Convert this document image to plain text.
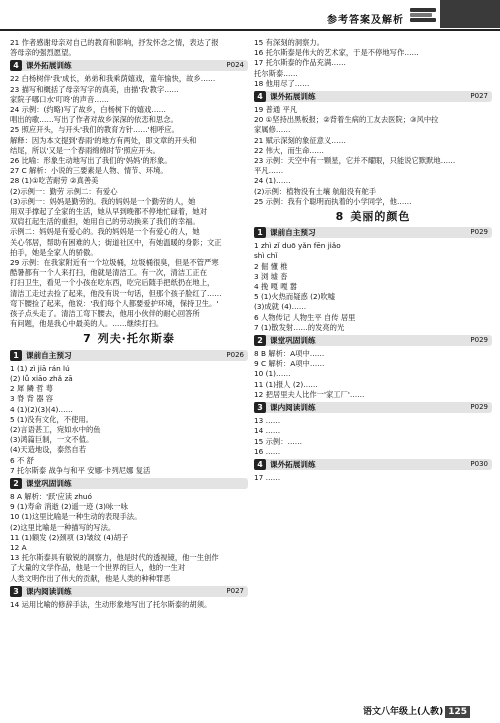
参考答案及解析
21 作者感谢母亲对自己的教育和影响，抒发怀念之情，表达了报
答母亲的强烈愿望。
4 课外拓展训练	P024
22 白杨树伴'我'成长，弟弟和我乘荫嬉戏，童年愉快，故乡……
23 描写和概括了母亲写字的真美，由描'我'教字……
家院子哪口水'叮咚'的声音……
24 示例：(约略)写了故乡，白杨树下的嬉戏……
唱出的歌……写出了作者对故乡深深的依恋和思念。
25 照应开头，与开头'我们的教育方针……'相呼应。
解释：因为本文提到'春雨'的地方有两处，即文章的开头和
结尾，所以'又是一个春雨绵绵时节'照应开头。
26 比喻：形象生动地写出了我们的'妈妈'的形象。
27 C 解析：小说的三要素是人物、情节、环境。
28 (1)①吃苦耐劳 ②真善美
(2)示例一：勤劳 示例二：有爱心
(3)示例一：妈妈是勤劳的。我的妈妈是一个勤劳的人，她
用双手撑起了全家的生活，她从早到晚都不停地忙碌着，她对
双肩扛起生活的重担，她用自己的劳动换来了我们的幸福。
示例二：妈妈是有爱心的。我的妈妈是一个有爱心的人，她
关心邻居，帮助有困难的人；街道社区中，有她温暖的身影；文正
拍手，她是全家人的骄傲。
29 示例：在我家附近有一个垃圾桶，垃圾桶很臭，但是不管严寒
酷暑都有一个人来打扫，他就是清洁工。有一次，清洁工正在
打扫卫生，看见一个小孩在吃东西，吃完后随手把纸扔在地上，
清洁工走过去捡了起来，他没有说一句话，但那个孩子脸红了……
弯下腰捡了起来，他说：'我们每个人都要爱护环境，保持卫生。'
孩子点头走了。清洁工弯下腰去，他用小伙伴的耐心回答所
有问题，他是我心中最美的人。……继续打扫。
7 列夫·托尔斯泰
1 课前自主预习	P026
1 (1) zì jiā rán lú
(2) lǚ xiāo zhǎ zā
2 犀 鳞 哲 萼
3 脊 背 器 容
4 (1)(2)(3)(4)……
5 (1)没有文化，不使用。
(2)言语甚工，宛如水中的鱼
(3)鸿篇巨制，一文不值。
(4)天造地设，泰然自若
6 不 舒
7 托尔斯泰 战争与和平 安娜·卡列尼娜 复活
2 课堂巩固训练
8 A 解析：'跃'应读 zhuó
9 (1)寿命 消逝 (2)遥一迹 (3)咏一咏
10 (1)这里比喻是一种生动的表现手法。
(2)这里比喻是一种描写的写法。
11 (1)额发 (2)颈项 (3)皱纹 (4)胡子
12 A
13 托尔斯泰具有敏锐的洞察力，他是时代的透视镜，他一生创作
了大量的文学作品，他是一个世界的巨人，他的一生对
人类文明作出了伟大的贡献，他是人类的种种罪恶
3 课内阅读训练	P027
14 运用比喻的修辞手法，生动形象地写出了托尔斯泰的胡须。
15 有深刻的洞察力。
16 托尔斯泰是伟大的艺术家，于是不停地写作……
17 托尔斯泰的作品充满……
托尔斯泰……
18 他用尽了……
4 课外拓展训练	P027
19 普通 平凡
20 ①坚持出黑板报；②背着生病的工友去医院；③风中拉
家属修……
21 赋示深刻的象征意义……
22 伟大，而生命……
23 示例：天空中有一颗星，它并不耀眼，只能说它默默地……
平凡……
24 (1)……
(2)示例：植物没有土壤 航船没有舵手
25 示例：我有个聪明而执着的小学同学，他……
8 美丽的颜色
1 课前自主预习	P029
1 zhì zǐ duō yǎn fēn jiǎo
shì chǐ
2 倔 懂 椎
3 浏 墟 沓
4 挽 嘎 嘎 嚣
5 (1)火热而疑惑 (2)吹嘘
(3)成就 (4)……
6 人物传记 人物生平 自传 居里
7 (1)散发射……的发亮的光
2 课堂巩固训练	P029
8 B 解析：A项中……
9 C 解析：A项中……
10 (1)……
11 (1)报人 (2)……
12 把居里夫人比作一'家工厂'……
3 课内阅读训练	P029
13 ……
14 ……
15 示例：……
16 ……
4 课外拓展训练	P030
17 ……
语文八年级上(人教) 125
